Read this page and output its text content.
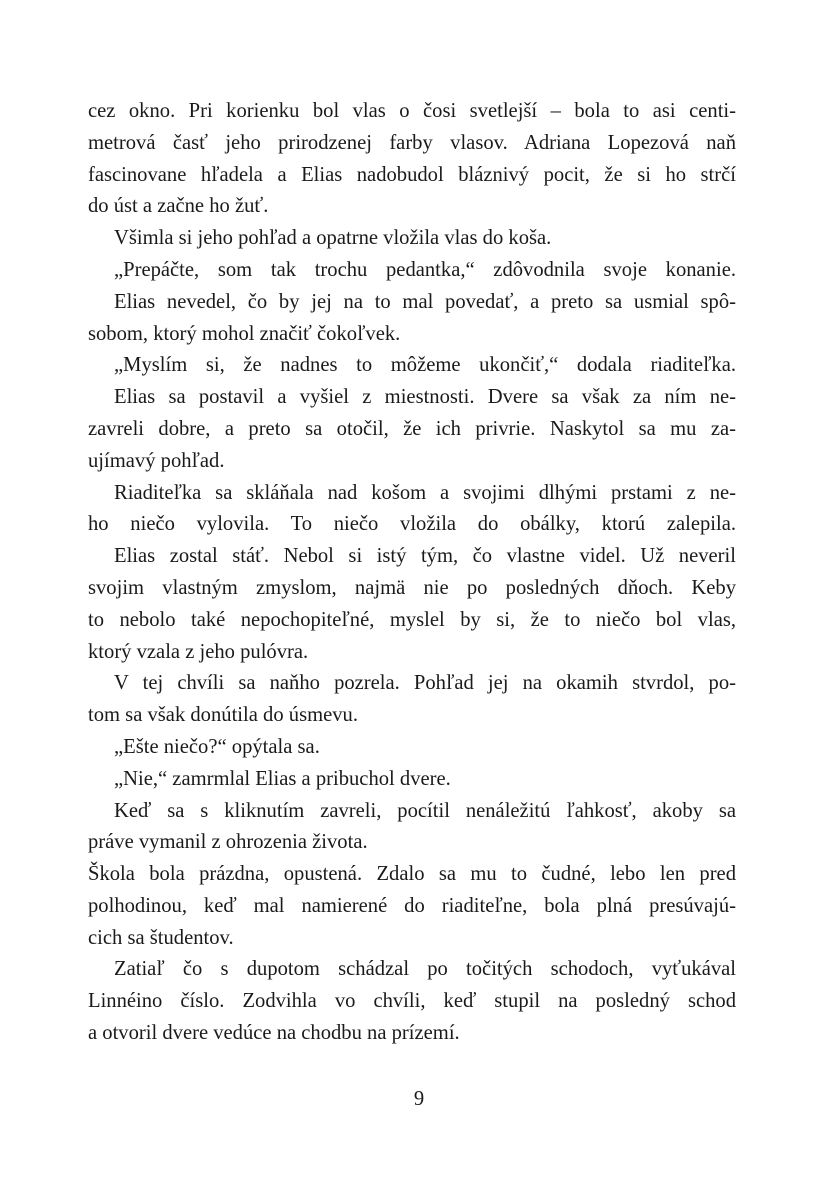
cez okno. Pri korienku bol vlas o čosi svetlejší – bola to asi centi-
metrová časť jeho prirodzenej farby vlasov. Adriana Lopezová naň
fascinovane hľadela a Elias nadobudol bláznivý pocit, že si ho strčí
do úst a začne ho žuť.
Všimla si jeho pohľad a opatrne vložila vlas do koša.
„Prepáčte, som tak trochu pedantka,“ zdôvodnila svoje konanie.
Elias nevedel, čo by jej na to mal povedať, a preto sa usmial spô-
sobom, ktorý mohol značiť čokoľvek.
„Myslím si, že nadnes to môžeme ukončiť,“ dodala riaditeľka.
Elias sa postavil a vyšiel z miestnosti. Dvere sa však za ním ne-
zavreli dobre, a preto sa otočil, že ich privrie. Naskytol sa mu za-
ujímavý pohľad.
Riaditeľka sa skláňala nad košom a svojimi dlhými prstami z ne-
ho niečo vylovila. To niečo vložila do obálky, ktorú zalepila.
Elias zostal stáť. Nebol si istý tým, čo vlastne videl. Už neveril
svojim vlastným zmyslom, najmä nie po posledných dňoch. Keby
to nebolo také nepochopiteľné, myslel by si, že to niečo bol vlas,
ktorý vzala z jeho pulóvra.
V tej chvíli sa naňho pozrela. Pohľad jej na okamih stvrdol, po-
tom sa však donútila do úsmevu.
„Ešte niečo?“ opýtala sa.
„Nie,“ zamrmlal Elias a pribuchol dvere.
Keď sa s kliknutím zavreli, pocítil nenáležitú ľahkosť, akoby sa
práve vymanil z ohrozenia života.
Škola bola prázdna, opustená. Zdalo sa mu to čudné, lebo len pred
polhodinou, keď mal namierené do riaditeľne, bola plná presúvajú-
cich sa študentov.
Zatiaľ čo s dupotom schádzal po točitých schodoch, vyťukával
Linnéino číslo. Zodvihla vo chvíli, keď stupil na posledný schod
a otvoril dvere vedúce na chodbu na prízemí.
9
